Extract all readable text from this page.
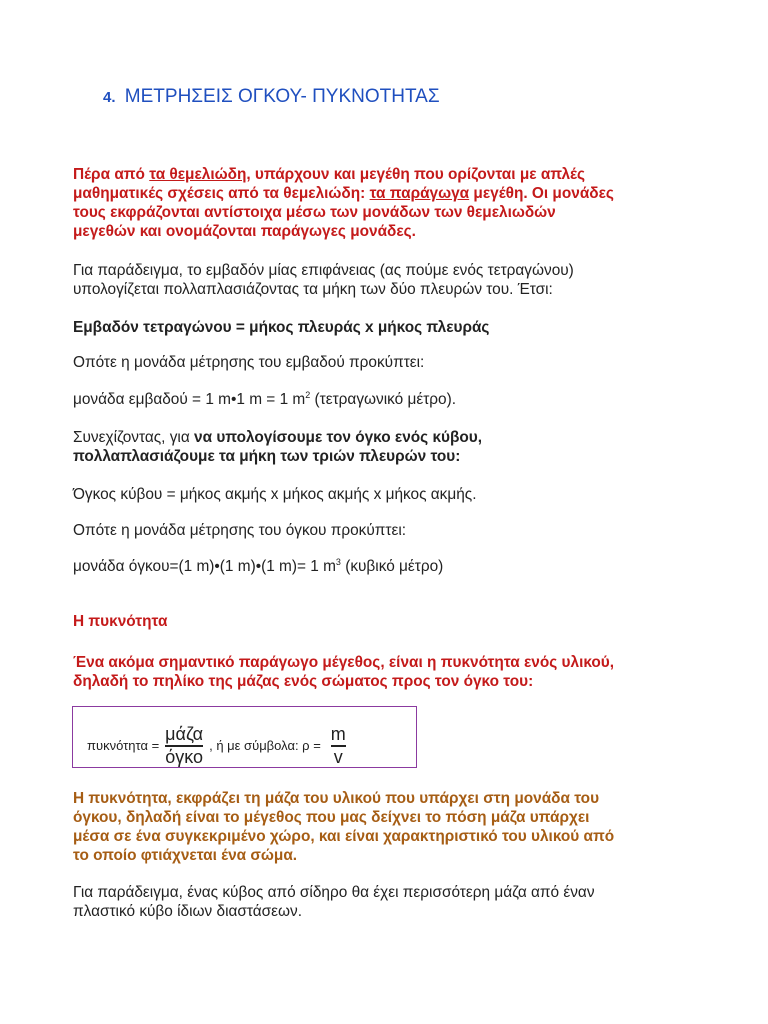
4. ΜΕΤΡΗΣΕΙΣ ΟΓΚΟΥ- ΠΥΚΝΟΤΗΤΑΣ
Πέρα από τα θεμελιώδη, υπάρχουν και μεγέθη που ορίζονται με απλές
μαθηματικές σχέσεις από τα θεμελιώδη: τα παράγωγα μεγέθη. Οι μονάδες
τους εκφράζονται αντίστοιχα μέσω των μονάδων των θεμελιωδών
μεγεθών και ονομάζονται παράγωγες μονάδες.
Για παράδειγμα, το εμβαδόν μίας επιφάνειας (ας πούμε ενός τετραγώνου)
υπολογίζεται πολλαπλασιάζοντας τα μήκη των δύο πλευρών του. Έτσι:
Εμβαδόν τετραγώνου = μήκος πλευράς x μήκος πλευράς
Οπότε η μονάδα μέτρησης του εμβαδού προκύπτει:
μονάδα εμβαδού = 1 m•1 m = 1 $m^2$ (τετραγωνικό μέτρο).
Συνεχίζοντας, για να υπολογίσουμε τον όγκο ενός κύβου,
πολλαπλασιάζουμε τα μήκη των τριών πλευρών του:
Όγκος κύβου = μήκος ακμής x μήκος ακμής x μήκος ακμής.
Οπότε η μονάδα μέτρησης του όγκου προκύπτει:
μονάδα όγκου=(1 m)•(1 m)•(1 m)= 1 $m^3$ (κυβικό μέτρο)
Η πυκνότητα
Ένα ακόμα σημαντικό παράγωγο μέγεθος, είναι η πυκνότητα ενός υλικού,
δηλαδή το πηλίκο της μάζας ενός σώματος προς τον όγκο του:
$\pi\upsilon\kappa\nu ό\tau\eta\tau\alpha = \frac{\text{μάζα}}{\text{όγκο}}$ , ή με σύμβολα: $\rho = \frac{m}{v}$
Η πυκνότητα, εκφράζει τη μάζα του υλικού που υπάρχει στη μονάδα του
όγκου, δηλαδή είναι το μέγεθος που μας δείχνει το πόση μάζα υπάρχει
μέσα σε ένα συγκεκριμένο χώρο, και είναι χαρακτηριστικό του υλικού από
το οποίο φτιάχνεται ένα σώμα.
Για παράδειγμα, ένας κύβος από σίδηρο θα έχει περισσότερη μάζα από έναν
πλαστικό κύβο ίδιων διαστάσεων.
